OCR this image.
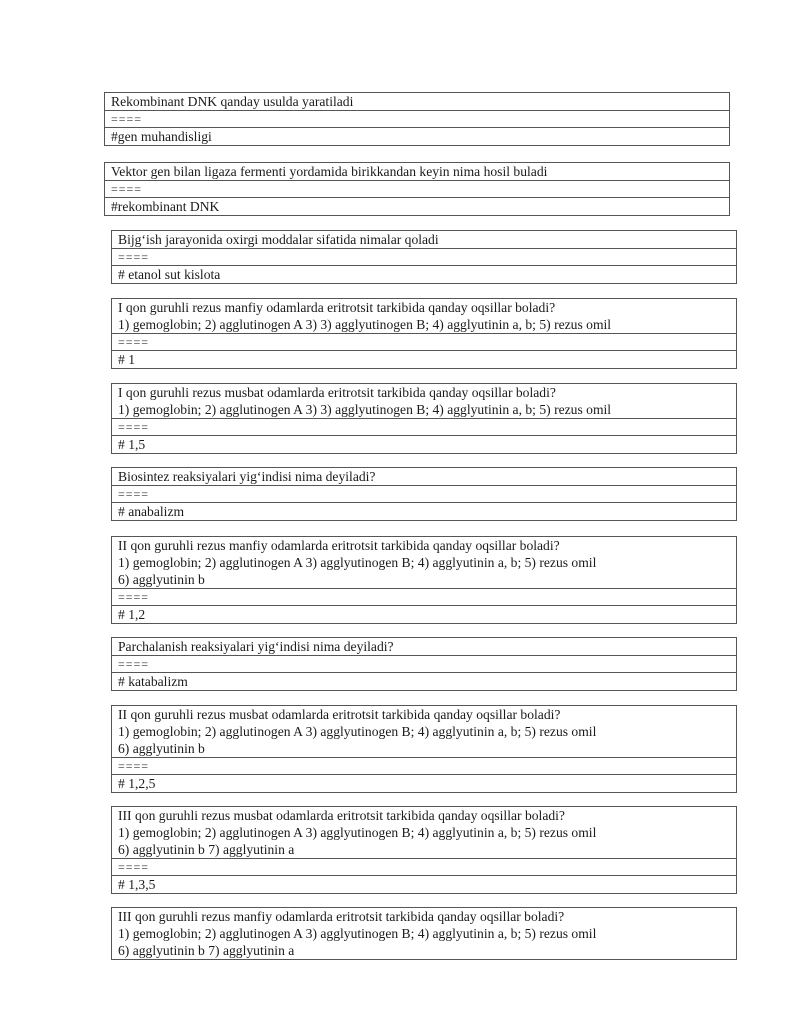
Rekombinant DNK qanday usulda yaratiladi

====
#gen muhandisligi
Vektor gen bilan ligaza fermenti yordamida birikkandan keyin nima hosil buladi

====
#rekombinant DNK
Bijg‘ish jarayonida oxirgi moddalar sifatida nimalar qoladi

====
# etanol sut kislota
I qon guruhli rezus manfiy odamlarda eritrotsit tarkibida qanday oqsillar boladi?
1) gemoglobin; 2) agglutinogen A 3) 3) agglyutinogen B; 4) agglyutinin a, b; 5) rezus omil

====
# 1
I qon guruhli rezus musbat odamlarda eritrotsit tarkibida qanday oqsillar boladi?
1) gemoglobin; 2) agglutinogen A 3) 3) agglyutinogen B; 4) agglyutinin a, b; 5) rezus omil

====
# 1,5
Biosintez reaksiyalari yig‘indisi nima deyiladi?

====
# anabalizm
II qon guruhli rezus manfiy odamlarda eritrotsit tarkibida qanday oqsillar boladi?
1) gemoglobin; 2) agglutinogen A 3) agglyutinogen B; 4) agglyutinin a, b; 5) rezus omil
6) agglyutinin b

====
# 1,2
Parchalanish reaksiyalari yig‘indisi nima deyiladi?

====
# katabalizm
II qon guruhli rezus musbat odamlarda eritrotsit tarkibida qanday oqsillar boladi?
1) gemoglobin; 2) agglutinogen A 3) agglyutinogen B; 4) agglyutinin a, b; 5) rezus omil
6) agglyutinin b

====
# 1,2,5
III qon guruhli rezus musbat odamlarda eritrotsit tarkibida qanday oqsillar boladi?
1) gemoglobin; 2) agglutinogen A 3) agglyutinogen B; 4) agglyutinin a, b; 5) rezus omil
6) agglyutinin b 7) agglyutinin a

====
# 1,3,5
III qon guruhli rezus manfiy odamlarda eritrotsit tarkibida qanday oqsillar boladi?
1) gemoglobin; 2) agglutinogen A 3) agglyutinogen B; 4) agglyutinin a, b; 5) rezus omil
6) agglyutinin b 7) agglyutinin a
